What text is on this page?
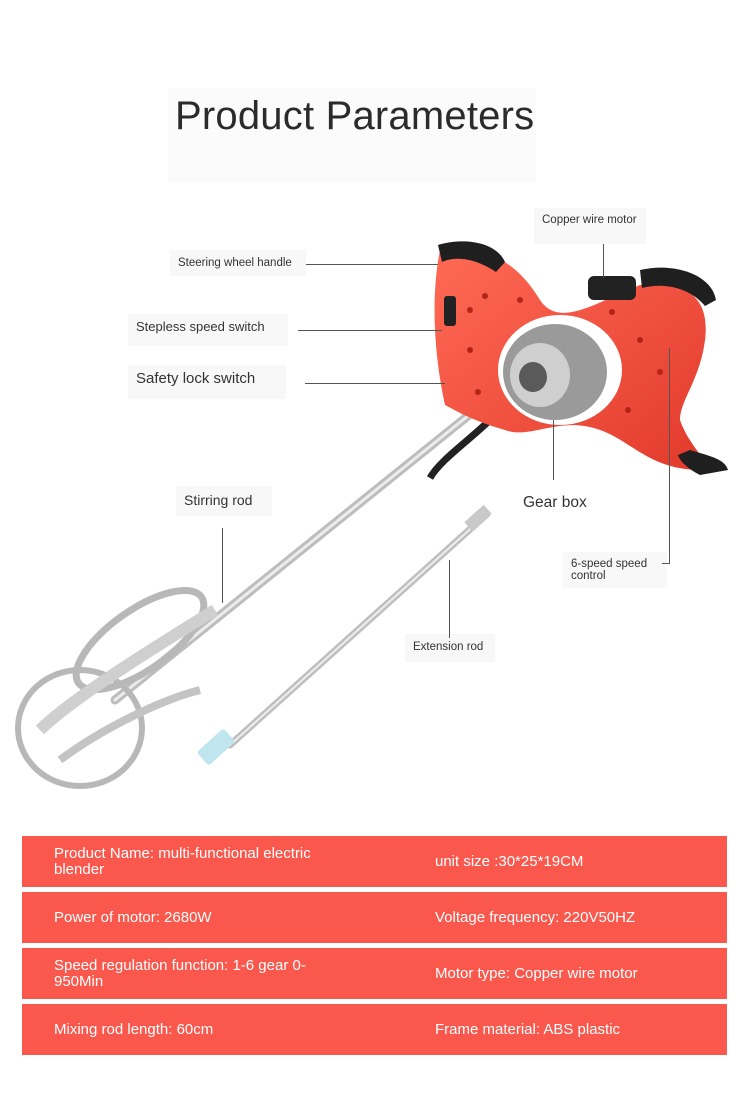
Product Parameters
Copper wire motor
Steering wheel handle
Stepless speed switch
Safety lock switch
Gear box
Stirring rod
6-speed speed control
Extension rod
Product Name: multi-functional electric blender	unit size :30*25*19CM
Power of motor: 2680W	Voltage frequency: 220V50HZ
Speed regulation function: 1-6 gear 0-950Min	Motor type: Copper wire motor
Mixing rod length: 60cm	Frame material: ABS plastic
